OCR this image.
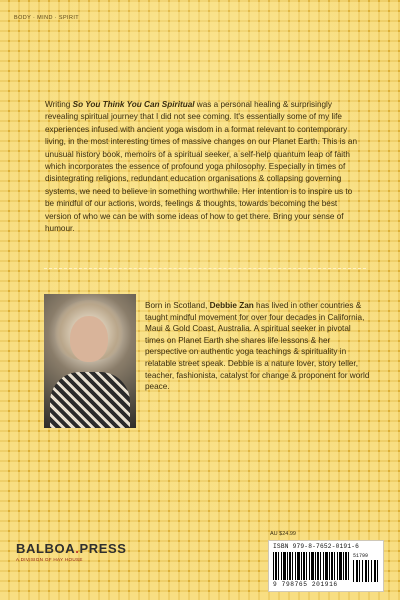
BODY · MIND · SPIRIT
Writing So You Think You Can Spiritual was a personal healing & surprisingly revealing spiritual journey that I did not see coming. It's essentially some of my life experiences infused with ancient yoga wisdom in a format relevant to contemporary living, in the most interesting times of massive changes on our Planet Earth. This is an unusual history book, memoirs of a spiritual seeker, a self-help quantum leap of faith which incorporates the essence of profound yoga philosophy. Especially in times of disintegrating religions, redundant education organisations & collapsing governing systems, we need to believe in something worthwhile. Her intention is to inspire us to be mindful of our actions, words, feelings & thoughts, towards becoming the best version of who we can be with some ideas of how to get there. Bring your sense of humour.
Born in Scotland, Debbie Zan has lived in other countries & taught mindful movement for over four decades in California, Maui & Gold Coast, Australia. A spiritual seeker in pivotal times on Planet Earth she shares life lessons & her perspective on authentic yoga teachings & spirituality in relatable street speak. Debbie is a nature lover, story teller, teacher, fashionista, catalyst for change & proponent for world peace.
AU $24.99
ISBN 979-8-7652-0191-6
51799
9 798765 201916
BALBOA.PRESS
A DIVISION OF HAY HOUSE
